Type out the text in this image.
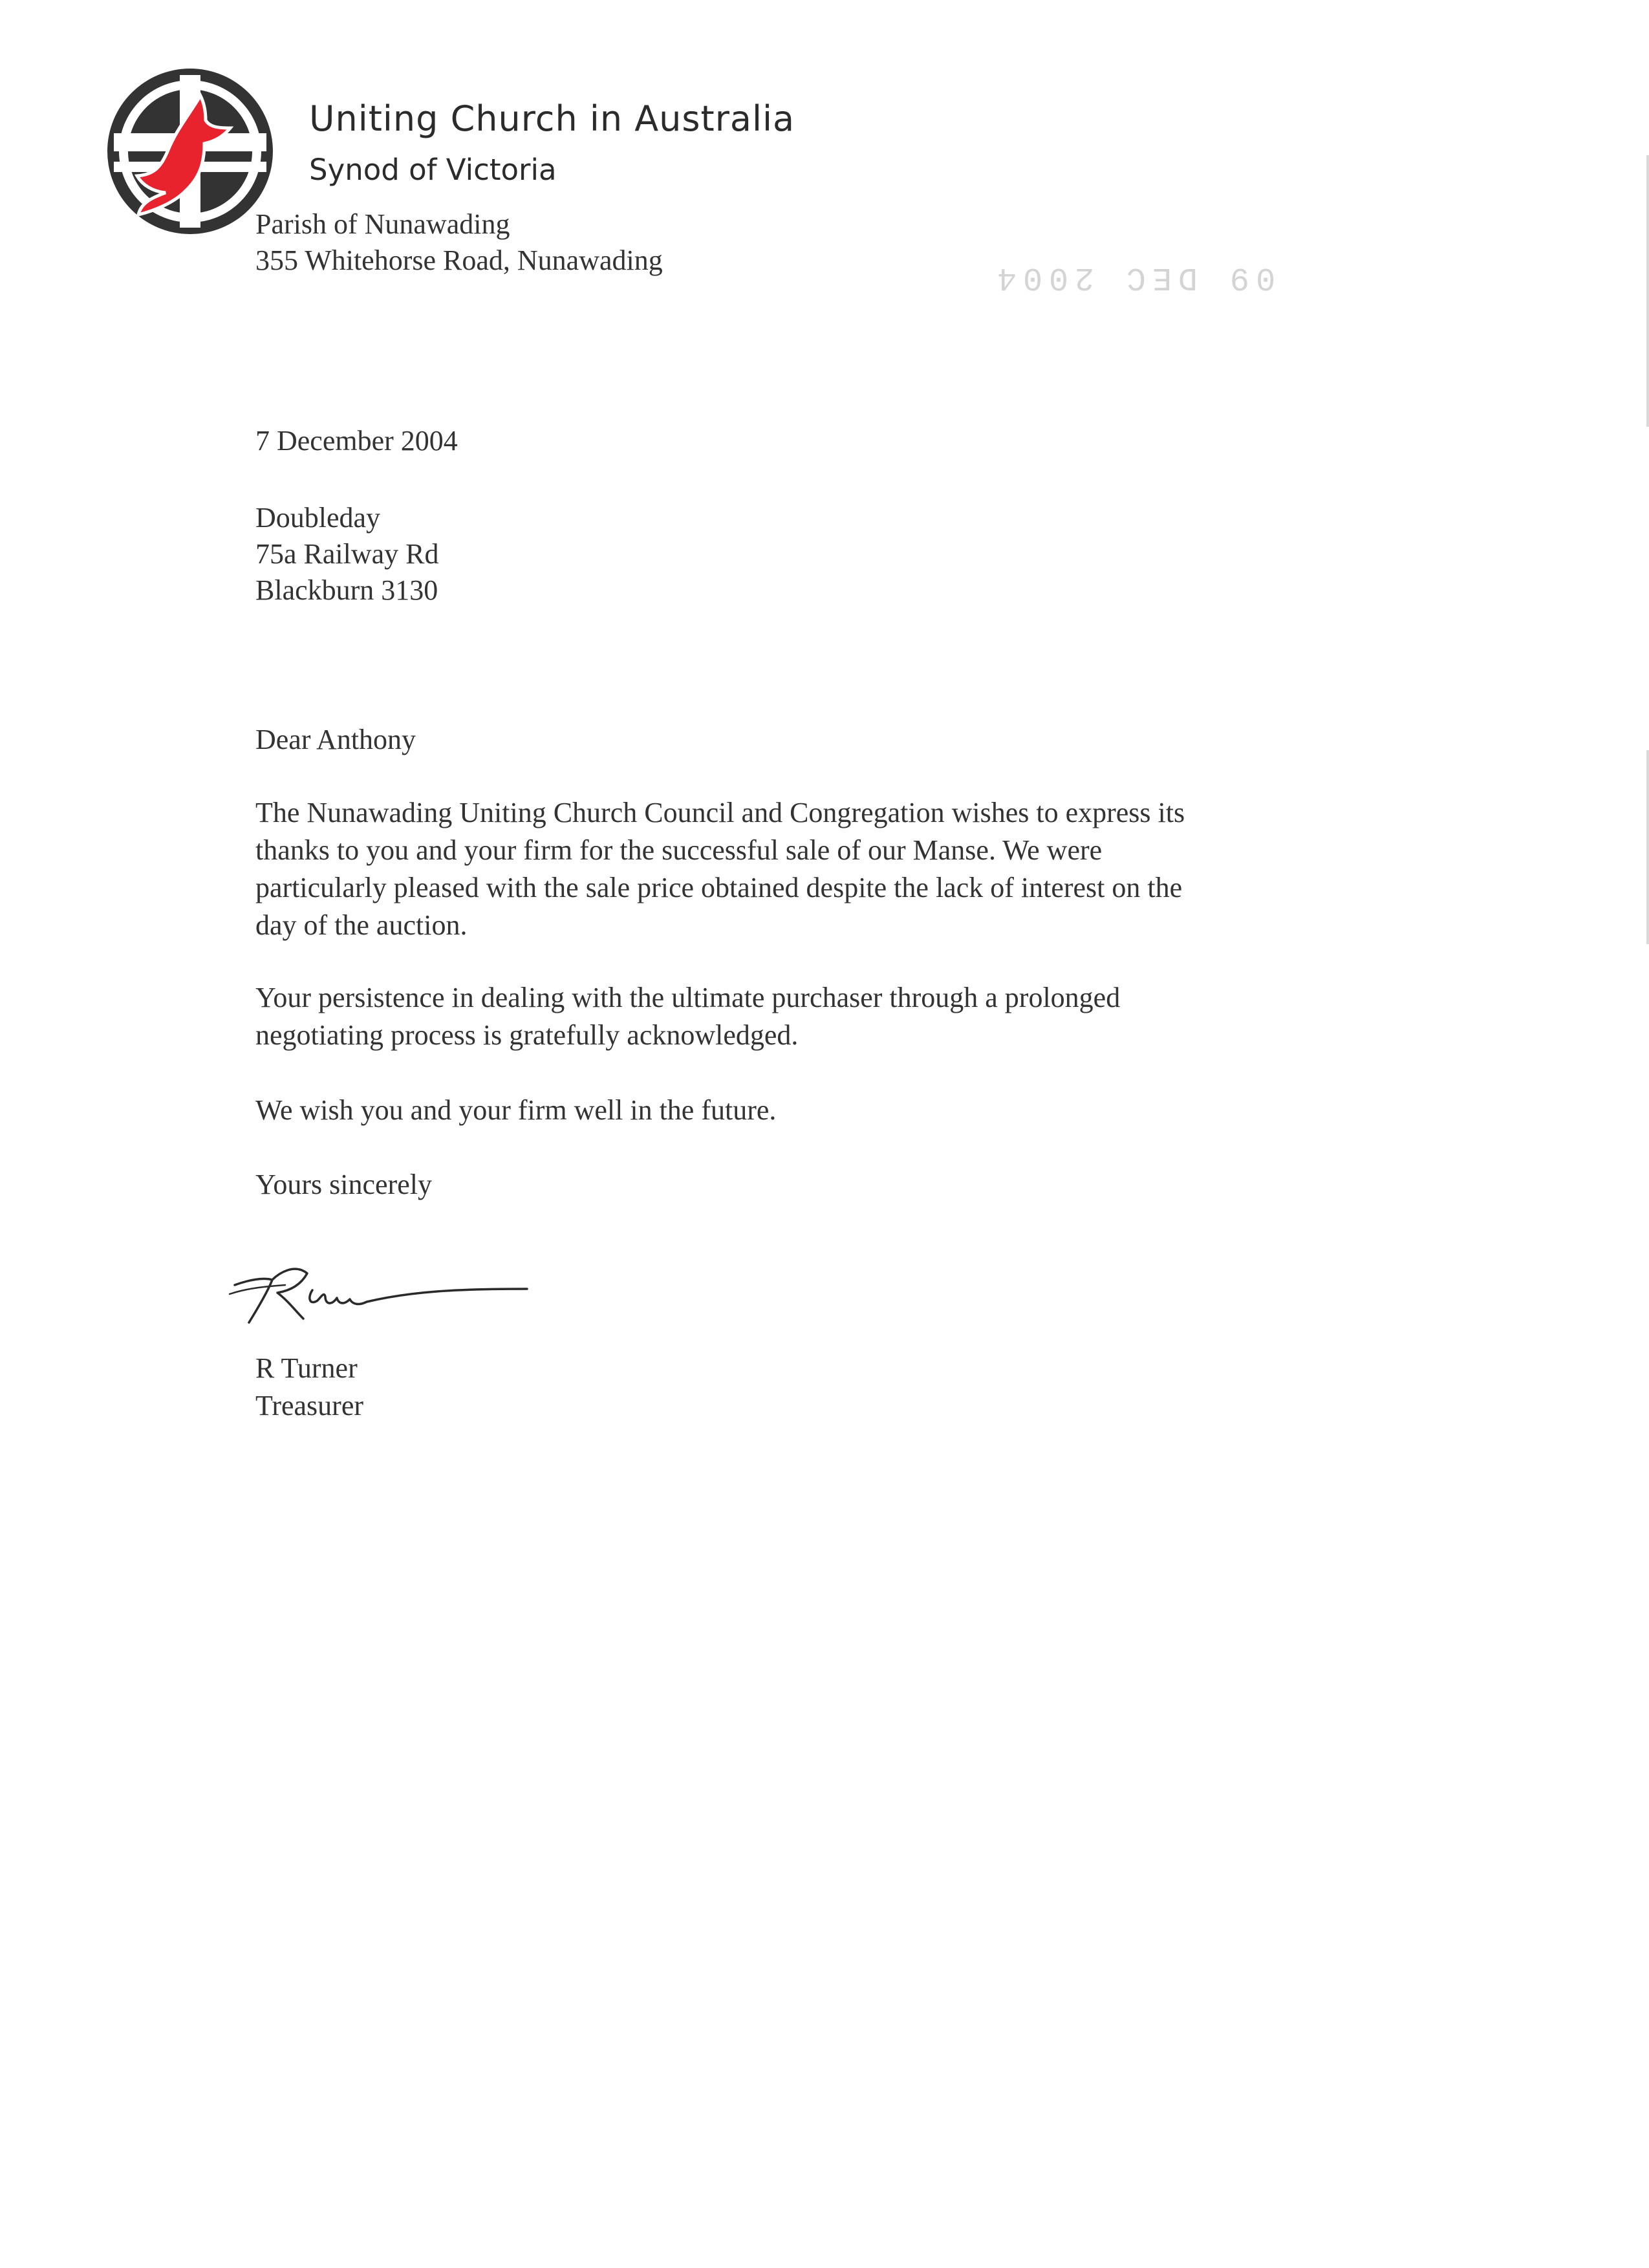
Uniting Church in Australia
Synod of Victoria
Parish of Nunawading
355 Whitehorse Road, Nunawading	09 DEC 2004
7 December 2004
Doubleday
75a Railway Rd
Blackburn 3130
Dear Anthony
The Nunawading Uniting Church Council and Congregation wishes to express its
thanks to you and your firm for the successful sale of our Manse. We were
particularly pleased with the sale price obtained despite the lack of interest on the
day of the auction.
Your persistence in dealing with the ultimate purchaser through a prolonged
negotiating process is gratefully acknowledged.
We wish you and your firm well in the future.
Yours sincerely
R Turner
Treasurer
